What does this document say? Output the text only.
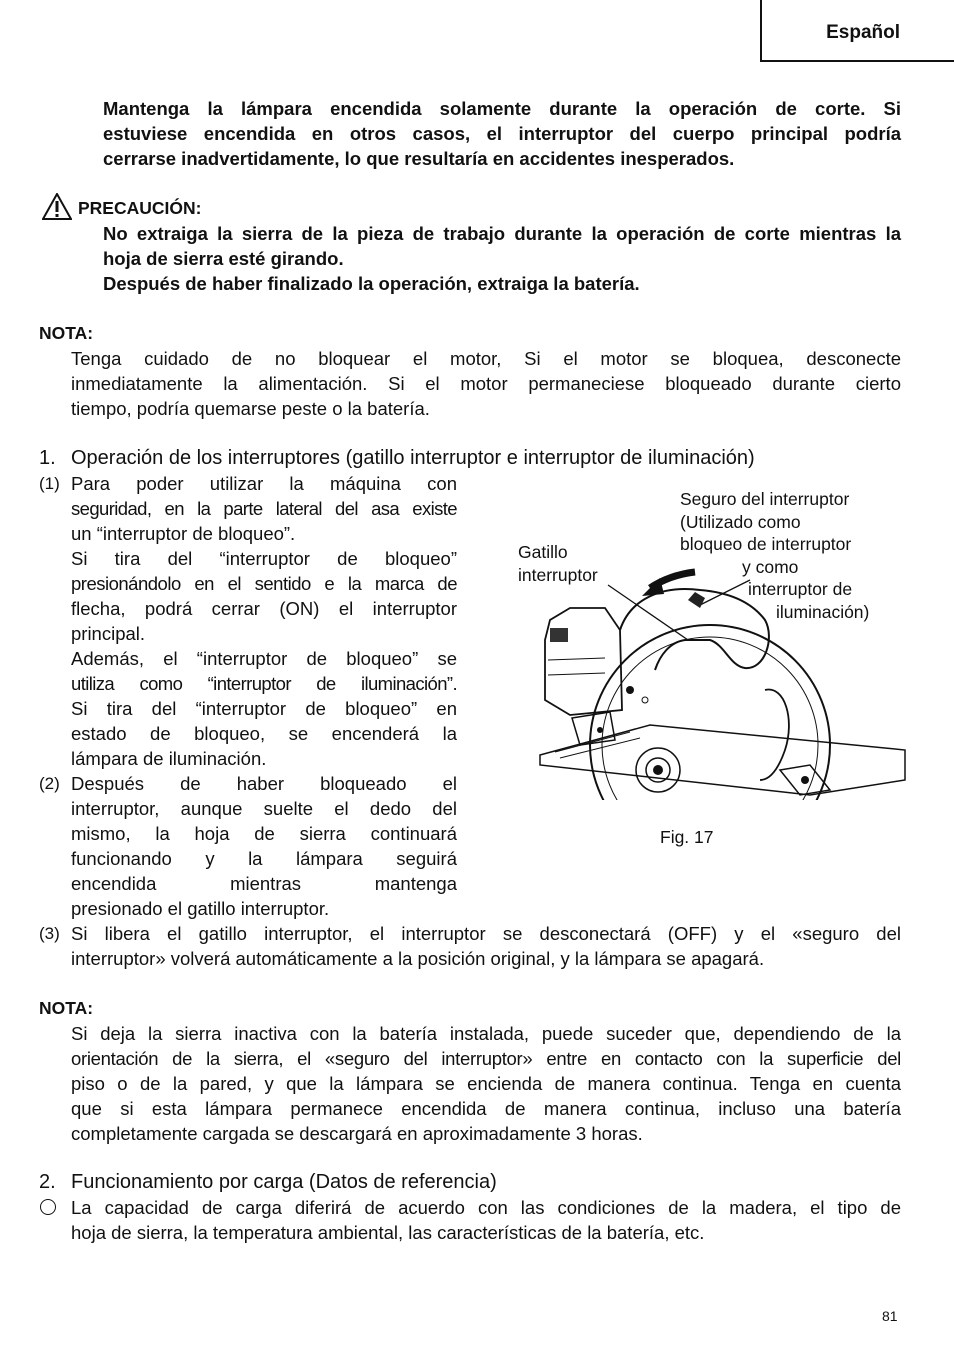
Español

Mantenga la lámpara encendida solamente durante la operación de corte. Si

estuviese encendida en otros casos, el interruptor del cuerpo principal podría

cerrarse inadvertidamente, lo que resultaría en accidentes inesperados.

PRECAUCIÓN:

No extraiga la sierra de la pieza de trabajo durante la operación de corte mientras la

hoja de sierra esté girando.

Después de haber finalizado la operación, extraiga la batería.

NOTA:

Tenga cuidado de no bloquear el motor, Si el motor se bloquea, desconecte

inmediatamente la alimentación. Si el motor permaneciese bloqueado durante cierto

tiempo, podría quemarse peste o la batería.

1. Operación de los interruptores (gatillo interruptor e interruptor de iluminación)
(1) Para poder utilizar la máquina con

seguridad, en la parte lateral del asa existe

un “interruptor de bloqueo”.

Si tira del “interruptor de bloqueo”

presionándolo en el sentido e la marca de

flecha, podrá cerrar (ON) el interruptor

principal.

Además, el “interruptor de bloqueo” se

utiliza como “interruptor de iluminación”.

Si tira del “interruptor de bloqueo” en

estado de bloqueo, se encenderá la

lámpara de iluminación.

(2) Después de haber bloqueado el

interruptor, aunque suelte el dedo del

mismo, la hoja de sierra continuará

funcionando y la lámpara seguirá

encendida mientras mantenga

presionado el gatillo interruptor.

Gatillo
interruptor
Seguro del interruptor
(Utilizado como
bloqueo de interruptor
y como
interruptor de
iluminación)
Fig. 17
(3) Si libera el gatillo interruptor, el interruptor se desconectará (OFF) y el «seguro del

interruptor» volverá automáticamente a la posición original, y la lámpara se apagará.

NOTA:

Si deja la sierra inactiva con la batería instalada, puede suceder que, dependiendo de la

orientación de la sierra, el «seguro del interruptor» entre en contacto con la superficie del

piso o de la pared, y que la lámpara se encienda de manera continua. Tenga en cuenta

que si esta lámpara permanece encendida de manera continua, incluso una batería

completamente cargada se descargará en aproximadamente 3 horas.

2. Funcionamiento por carga (Datos de referencia)

La capacidad de carga diferirá de acuerdo con las condiciones de la madera, el tipo de

hoja de sierra, la temperatura ambiental, las características de la batería, etc.

81
